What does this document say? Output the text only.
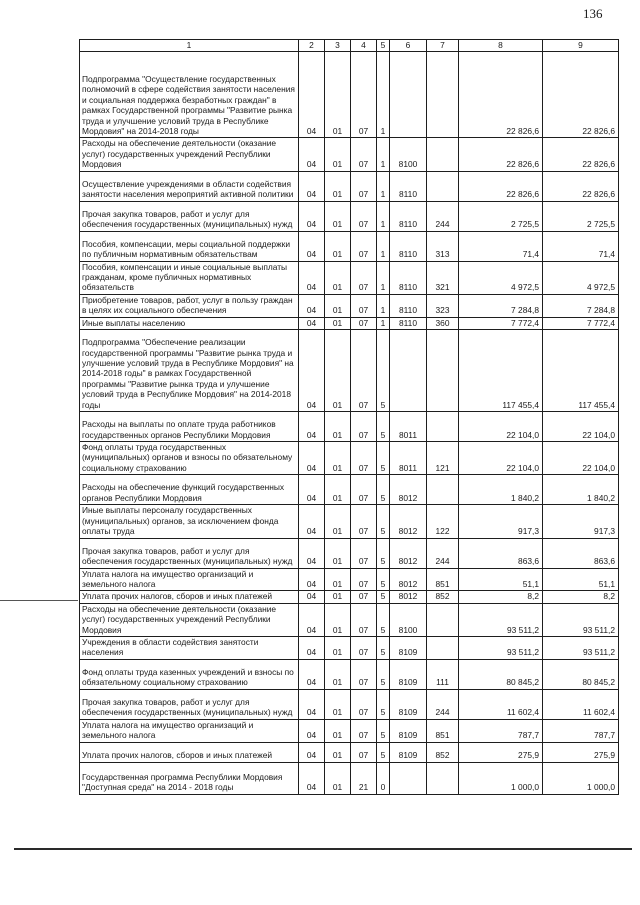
136
1	2	3	4	5	6	7	8	9
Подпрограмма "Осуществление государственных полномочий в сфере содействия занятости населения и социальная поддержка безработных граждан" в рамках Государственной программы "Развитие рынка труда и улучшение условий труда в Республике Мордовия" на 2014-2018 годы	04	01	07	1			22 826,6	22 826,6
Расходы на обеспечение деятельности (оказание услуг) государственных учреждений Республики Мордовия	04	01	07	1	8100		22 826,6	22 826,6
Осуществление учреждениями в области содействия занятости населения мероприятий активной политики	04	01	07	1	8110		22 826,6	22 826,6
Прочая закупка товаров, работ и услуг для обеспечения государственных (муниципальных) нужд	04	01	07	1	8110	244	2 725,5	2 725,5
Пособия, компенсации, меры социальной поддержки по публичным нормативным обязательствам	04	01	07	1	8110	313	71,4	71,4
Пособия, компенсации и иные социальные выплаты гражданам, кроме публичных нормативных обязательств	04	01	07	1	8110	321	4 972,5	4 972,5
Приобретение товаров, работ, услуг в пользу граждан в целях их социального обеспечения	04	01	07	1	8110	323	7 284,8	7 284,8
Иные выплаты населению	04	01	07	1	8110	360	7 772,4	7 772,4
Подпрограмма "Обеспечение реализации государственной программы "Развитие рынка труда и улучшение условий труда в Республике Мордовия" на 2014-2018 годы" в рамках Государственной программы "Развитие рынка труда и улучшение условий труда в Республике Мордовия" на 2014-2018 годы	04	01	07	5			117 455,4	117 455,4
Расходы на выплаты по оплате труда работников государственных органов Республики Мордовия	04	01	07	5	8011		22 104,0	22 104,0
Фонд оплаты труда государственных (муниципальных) органов и взносы по обязательному социальному страхованию	04	01	07	5	8011	121	22 104,0	22 104,0
Расходы на обеспечение функций государственных органов Республики Мордовия	04	01	07	5	8012		1 840,2	1 840,2
Иные выплаты персоналу государственных (муниципальных) органов, за исключением фонда оплаты труда	04	01	07	5	8012	122	917,3	917,3
Прочая закупка товаров, работ и услуг для обеспечения государственных (муниципальных) нужд	04	01	07	5	8012	244	863,6	863,6
Уплата налога на имущество организаций и земельного налога	04	01	07	5	8012	851	51,1	51,1
Уплата прочих налогов, сборов и иных платежей	04	01	07	5	8012	852	8,2	8,2
Расходы на обеспечение деятельности (оказание услуг) государственных учреждений Республики Мордовия	04	01	07	5	8100		93 511,2	93 511,2
Учреждения в области содействия занятости населения	04	01	07	5	8109		93 511,2	93 511,2
Фонд оплаты труда казенных учреждений и взносы по обязательному социальному страхованию	04	01	07	5	8109	111	80 845,2	80 845,2
Прочая закупка товаров, работ и услуг для обеспечения государственных (муниципальных) нужд	04	01	07	5	8109	244	11 602,4	11 602,4
Уплата налога на имущество организаций и земельного налога	04	01	07	5	8109	851	787,7	787,7
Уплата прочих налогов, сборов и иных платежей	04	01	07	5	8109	852	275,9	275,9
Государственная программа Республики Мордовия "Доступная среда" на 2014 - 2018 годы	04	01	21	0			1 000,0	1 000,0
